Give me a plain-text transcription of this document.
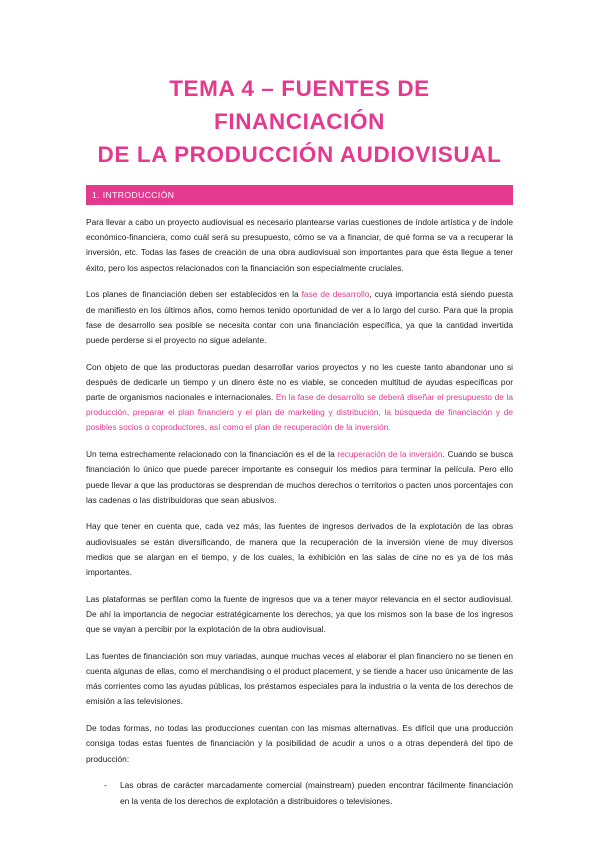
TEMA 4 – FUENTES DE FINANCIACIÓN
DE LA PRODUCCIÓN AUDIOVISUAL
1. INTRODUCCIÓN

Para llevar a cabo un proyecto audiovisual es necesario plantearse varias cuestiones de índole artística y de índole económico-financiera, como cuál será su presupuesto, cómo se va a financiar, de qué forma se va a recuperar la inversión, etc. Todas las fases de creación de una obra audiovisual son importantes para que ésta llegue a tener éxito, pero los aspectos relacionados con la financiación son especialmente cruciales.

Los planes de financiación deben ser establecidos en la fase de desarrollo, cuya importancia está siendo puesta de manifiesto en los últimos años, como hemos tenido oportunidad de ver a lo largo del curso. Para que la propia fase de desarrollo sea posible se necesita contar con una financiación específica, ya que la cantidad invertida puede perderse si el proyecto no sigue adelante.

Con objeto de que las productoras puedan desarrollar varios proyectos y no les cueste tanto abandonar uno si después de dedicarle un tiempo y un dinero éste no es viable, se conceden multitud de ayudas específicas por parte de organismos nacionales e internacionales. En la fase de desarrollo se deberá diseñar el presupuesto de la producción, preparar el plan financiero y el plan de marketing y distribución, la búsqueda de financiación y de posibles socios o coproductores, así como el plan de recuperación de la inversión.

Un tema estrechamente relacionado con la financiación es el de la recuperación de la inversión. Cuando se busca financiación lo único que puede parecer importante es conseguir los medios para terminar la película. Pero ello puede llevar a que las productoras se desprendan de muchos derechos o territorios o pacten unos porcentajes con las cadenas o las distribuidoras que sean abusivos.

Hay que tener en cuenta que, cada vez más, las fuentes de ingresos derivados de la explotación de las obras audiovisuales se están diversificando, de manera que la recuperación de la inversión viene de muy diversos medios que se alargan en el tiempo, y de los cuales, la exhibición en las salas de cine no es ya de los más importantes.

Las plataformas se perfilan como la fuente de ingresos que va a tener mayor relevancia en el sector audiovisual. De ahí la importancia de negociar estratégicamente los derechos, ya que los mismos son la base de los ingresos que se vayan a percibir por la explotación de la obra audiovisual.

Las fuentes de financiación son muy variadas, aunque muchas veces al elaborar el plan financiero no se tienen en cuenta algunas de ellas, como el merchandising o el product placement, y se tiende a hacer uso únicamente de las más corrientes como las ayudas públicas, los préstamos especiales para la industria o la venta de los derechos de emisión a las televisiones.

De todas formas, no todas las producciones cuentan con las mismas alternativas. Es difícil que una producción consiga todas estas fuentes de financiación y la posibilidad de acudir a unos o a otras dependerá del tipo de producción:

-	Las obras de carácter marcadamente comercial (mainstream) pueden encontrar fácilmente financiación en la venta de los derechos de explotación a distribuidores o televisiones.
